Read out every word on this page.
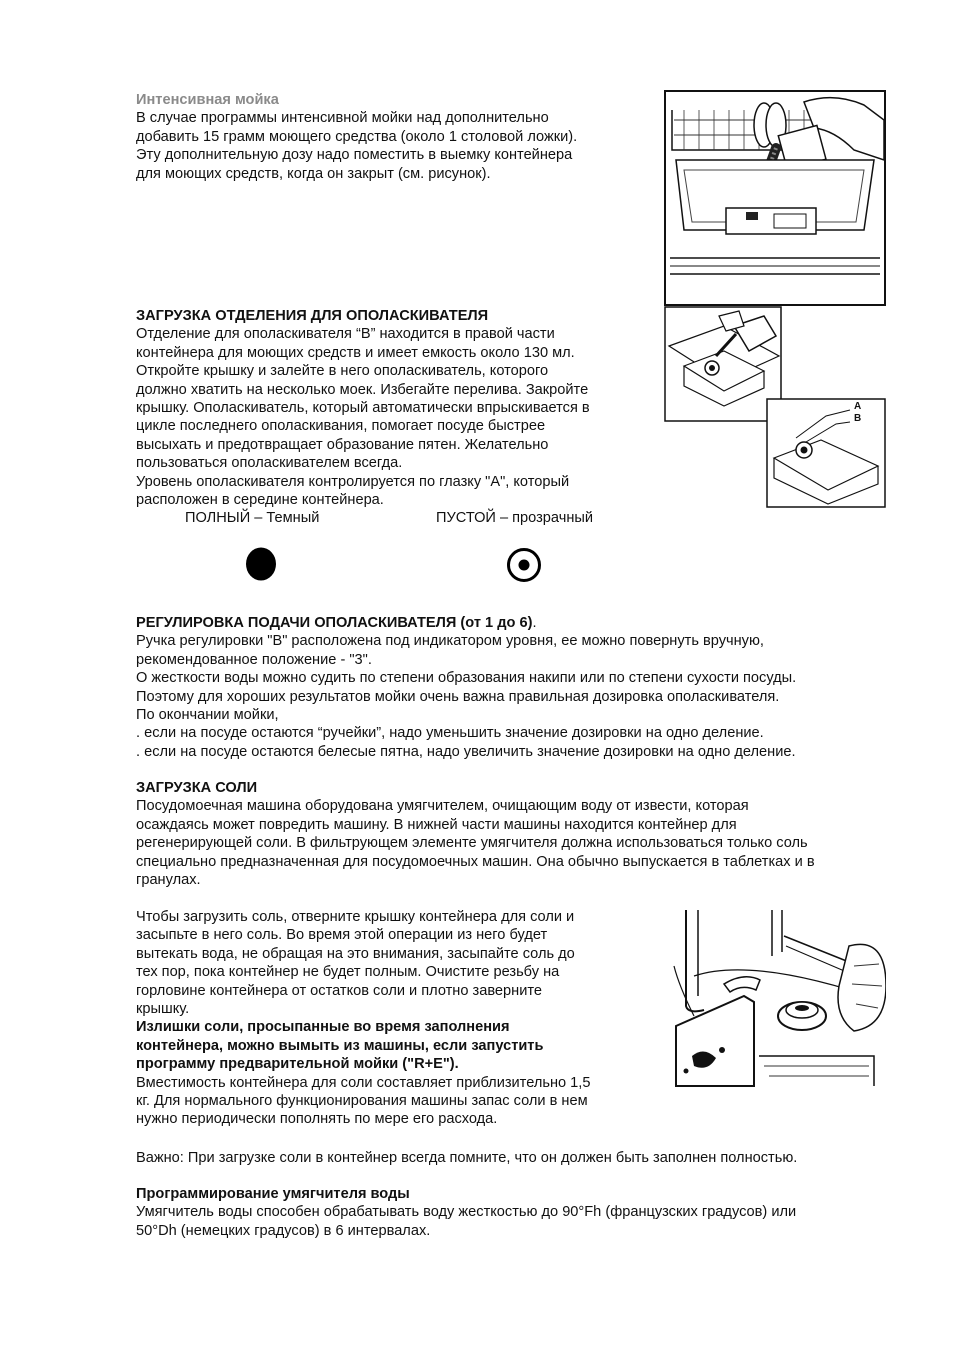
Интенсивная мойка

В случае программы интенсивной мойки над дополнительно

добавить 15 грамм моющего средства (около 1 столовой ложки).

Эту дополнительную дозу надо поместить в выемку контейнера

для моющих средств, когда он закрыт (см. рисунок).

ЗАГРУЗКА ОТДЕЛЕНИЯ ДЛЯ ОПОЛАСКИВАТЕЛЯ

Отделение для ополаскивателя “B” находится в правой части

контейнера для моющих средств и имеет емкость около 130 мл.

Откройте крышку и залейте в него ополаскиватель, которого

должно хватить на несколько моек. Избегайте перелива. Закройте

крышку. Ополаскиватель, который автоматически впрыскивается в

цикле последнего ополаскивания, помогает посуде быстрее

высыхать и предотвращает образование пятен. Желательно

пользоваться ополаскивателем всегда.

Уровень ополаскивателя контролируется по глазку "A", который

расположен в середине контейнера.

A
B
ПОЛНЫЙ – Темный	ПУСТОЙ – прозрачный

РЕГУЛИРОВКА ПОДАЧИ ОПОЛАСКИВАТЕЛЯ (от 1 до 6).

Ручка регулировки "B" расположена под индикатором уровня, ее можно повернуть вручную,

рекомендованное положение - "3".

О жесткости воды можно судить по степени образования накипи или по степени сухости посуды.

Поэтому для хороших результатов мойки очень важна правильная дозировка ополаскивателя.

По окончании мойки,

. если на посуде остаются “ручейки”, надо уменьшить значение дозировки на одно деление.

. если на посуде остаются белесые пятна, надо увеличить значение дозировки на одно деление.

ЗАГРУЗКА СОЛИ

Посудомоечная машина оборудована умягчителем, очищающим воду от извести, которая

осаждаясь может повредить машину. В нижней части машины находится контейнер для

регенерирующей соли. В фильтрующем элементе умягчителя должна использоваться только соль

специально предназначенная для посудомоечных машин. Она обычно выпускается в таблетках и в

гранулах.

Чтобы загрузить соль, отверните крышку контейнера для соли и

засыпьте в него соль. Во время этой операции из него будет

вытекать вода, не обращая на это внимания, засыпайте соль до

тех пор, пока контейнер не будет полным. Очистите резьбу на

горловине контейнера от остатков соли и плотно заверните

крышку.

Излишки соли, просыпанные во время заполнения

контейнера, можно вымыть из машины, если запустить

программу предварительной мойки ("R+E").

Вместимость контейнера для соли составляет приблизительно 1,5

кг. Для нормального функционирования машины запас соли в нем

нужно периодически пополнять по мере его расхода.

Важно: При загрузке соли в контейнер всегда помните, что он должен быть заполнен полностью.

Программирование умягчителя воды

Умягчитель воды способен обрабатывать воду жесткостью до 90°Fh (французских градусов) или

50°Dh (немецких градусов) в 6 интервалах.
